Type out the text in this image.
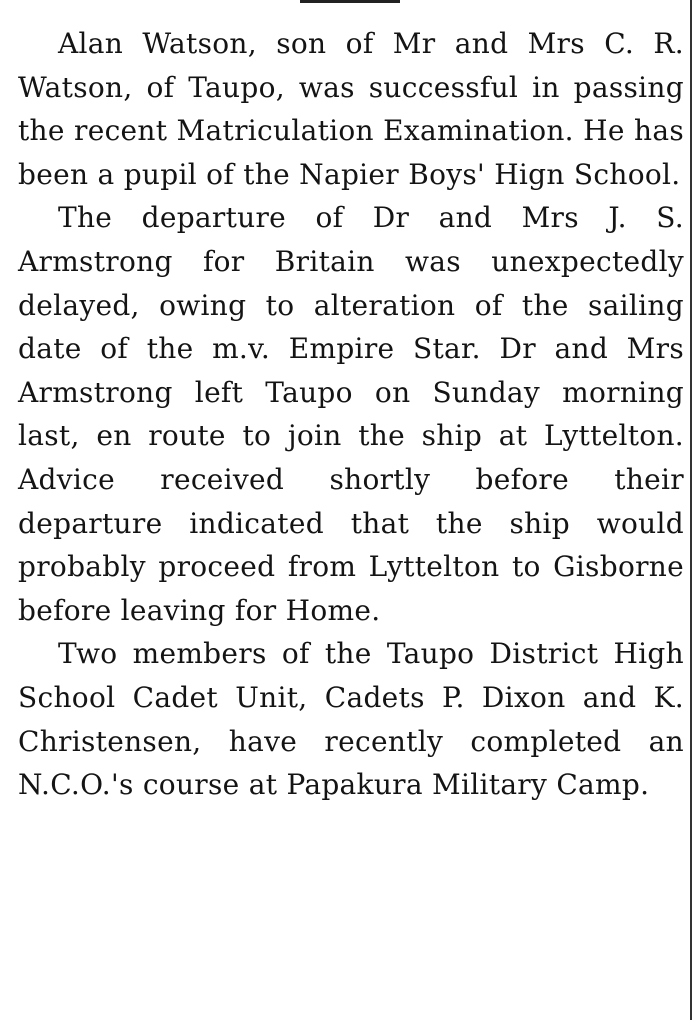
Alan Watson, son of Mr and Mrs C. R. Watson, of Taupo, was successful in passing the recent Matriculation Examination. He has been a pupil of the Napier Boys' Hign School.

The departure of Dr and Mrs J. S. Armstrong for Britain was unexpectedly delayed, owing to alteration of the sailing date of the m.v. Empire Star. Dr and Mrs Armstrong left Taupo on Sunday morning last, en route to join the ship at Lyttelton. Advice received shortly before their departure indicated that the ship would probably proceed from Lyttelton to Gisborne before leaving for Home.

Two members of the Taupo District High School Cadet Unit, Cadets P. Dixon and K. Christensen, have recently completed an N.C.O.'s course at Papakura Military Camp.
